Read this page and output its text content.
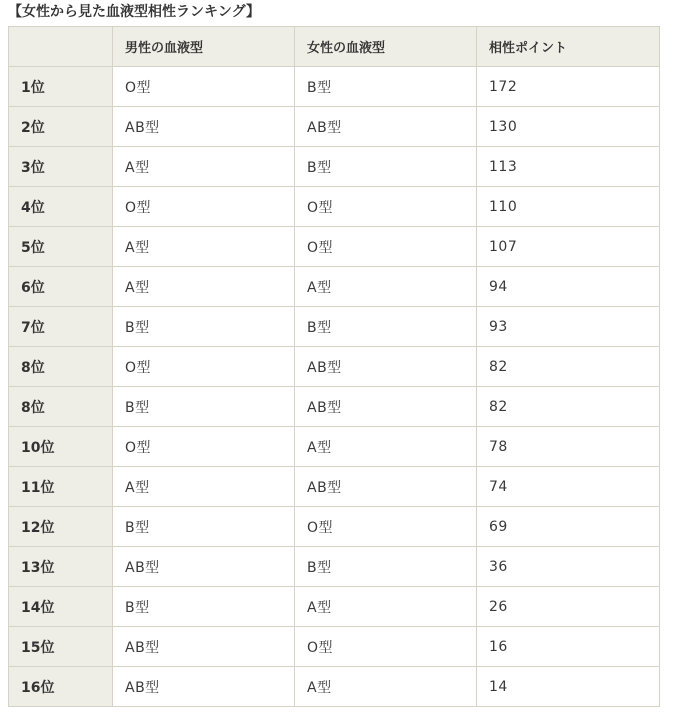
【女性から見た血液型相性ランキング】
	男性の血液型	女性の血液型	相性ポイント
1位	O型	B型	172
2位	AB型	AB型	130
3位	A型	B型	113
4位	O型	O型	110
5位	A型	O型	107
6位	A型	A型	94
7位	B型	B型	93
8位	O型	AB型	82
8位	B型	AB型	82
10位	O型	A型	78
11位	A型	AB型	74
12位	B型	O型	69
13位	AB型	B型	36
14位	B型	A型	26
15位	AB型	O型	16
16位	AB型	A型	14
